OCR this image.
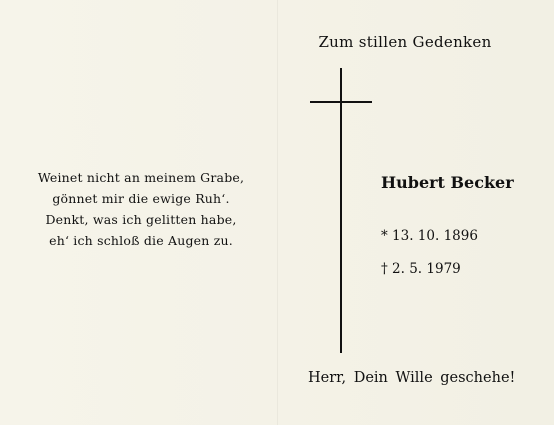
Weinet nicht an meinem Grabe,
gönnet mir die ewige Ruh‘.
Denkt, was ich gelitten habe,
eh‘ ich schloß die Augen zu.
Zum stillen Gedenken
Hubert Becker
* 13. 10. 1896
† 2. 5. 1979
Herr, Dein Wille geschehe!
